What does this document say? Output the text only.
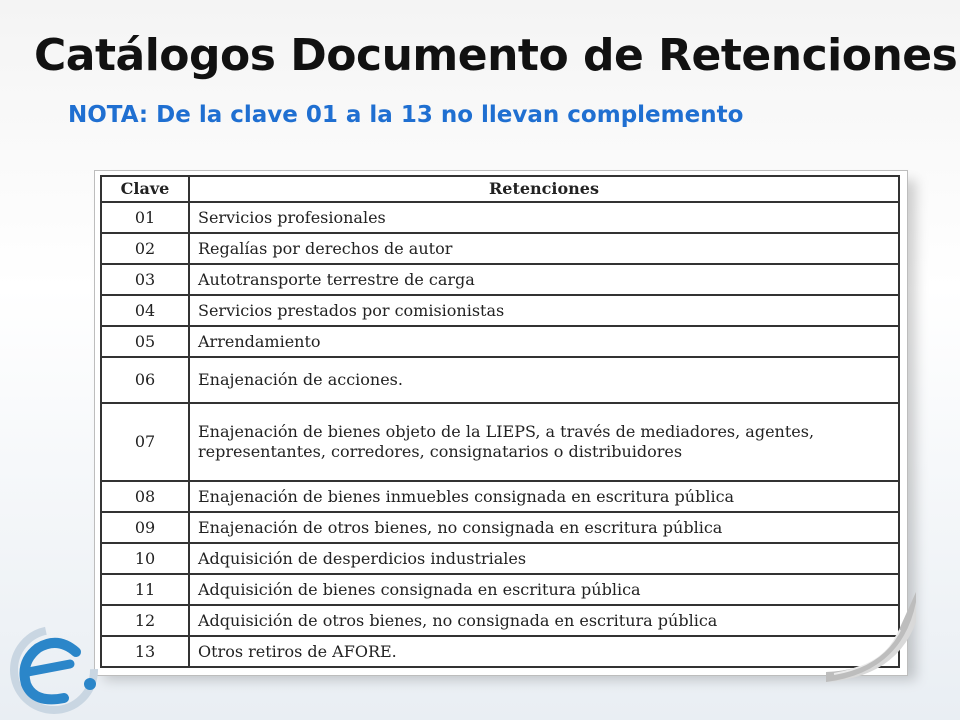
Catálogos Documento de Retenciones

NOTA: De la clave 01 a la 13 no llevan complemento

Clave	Retenciones
01	Servicios profesionales
02	Regalías por derechos de autor
03	Autotransporte terrestre de carga
04	Servicios prestados por comisionistas
05	Arrendamiento
06	Enajenación de acciones.
07	Enajenación de bienes objeto de la LIEPS, a través de mediadores, agentes, representantes, corredores, consignatarios o distribuidores
08	Enajenación de bienes inmuebles consignada en escritura pública
09	Enajenación de otros bienes, no consignada en escritura pública
10	Adquisición de desperdicios industriales
11	Adquisición de bienes consignada en escritura pública
12	Adquisición de otros bienes, no consignada en escritura pública
13	Otros retiros de AFORE.
